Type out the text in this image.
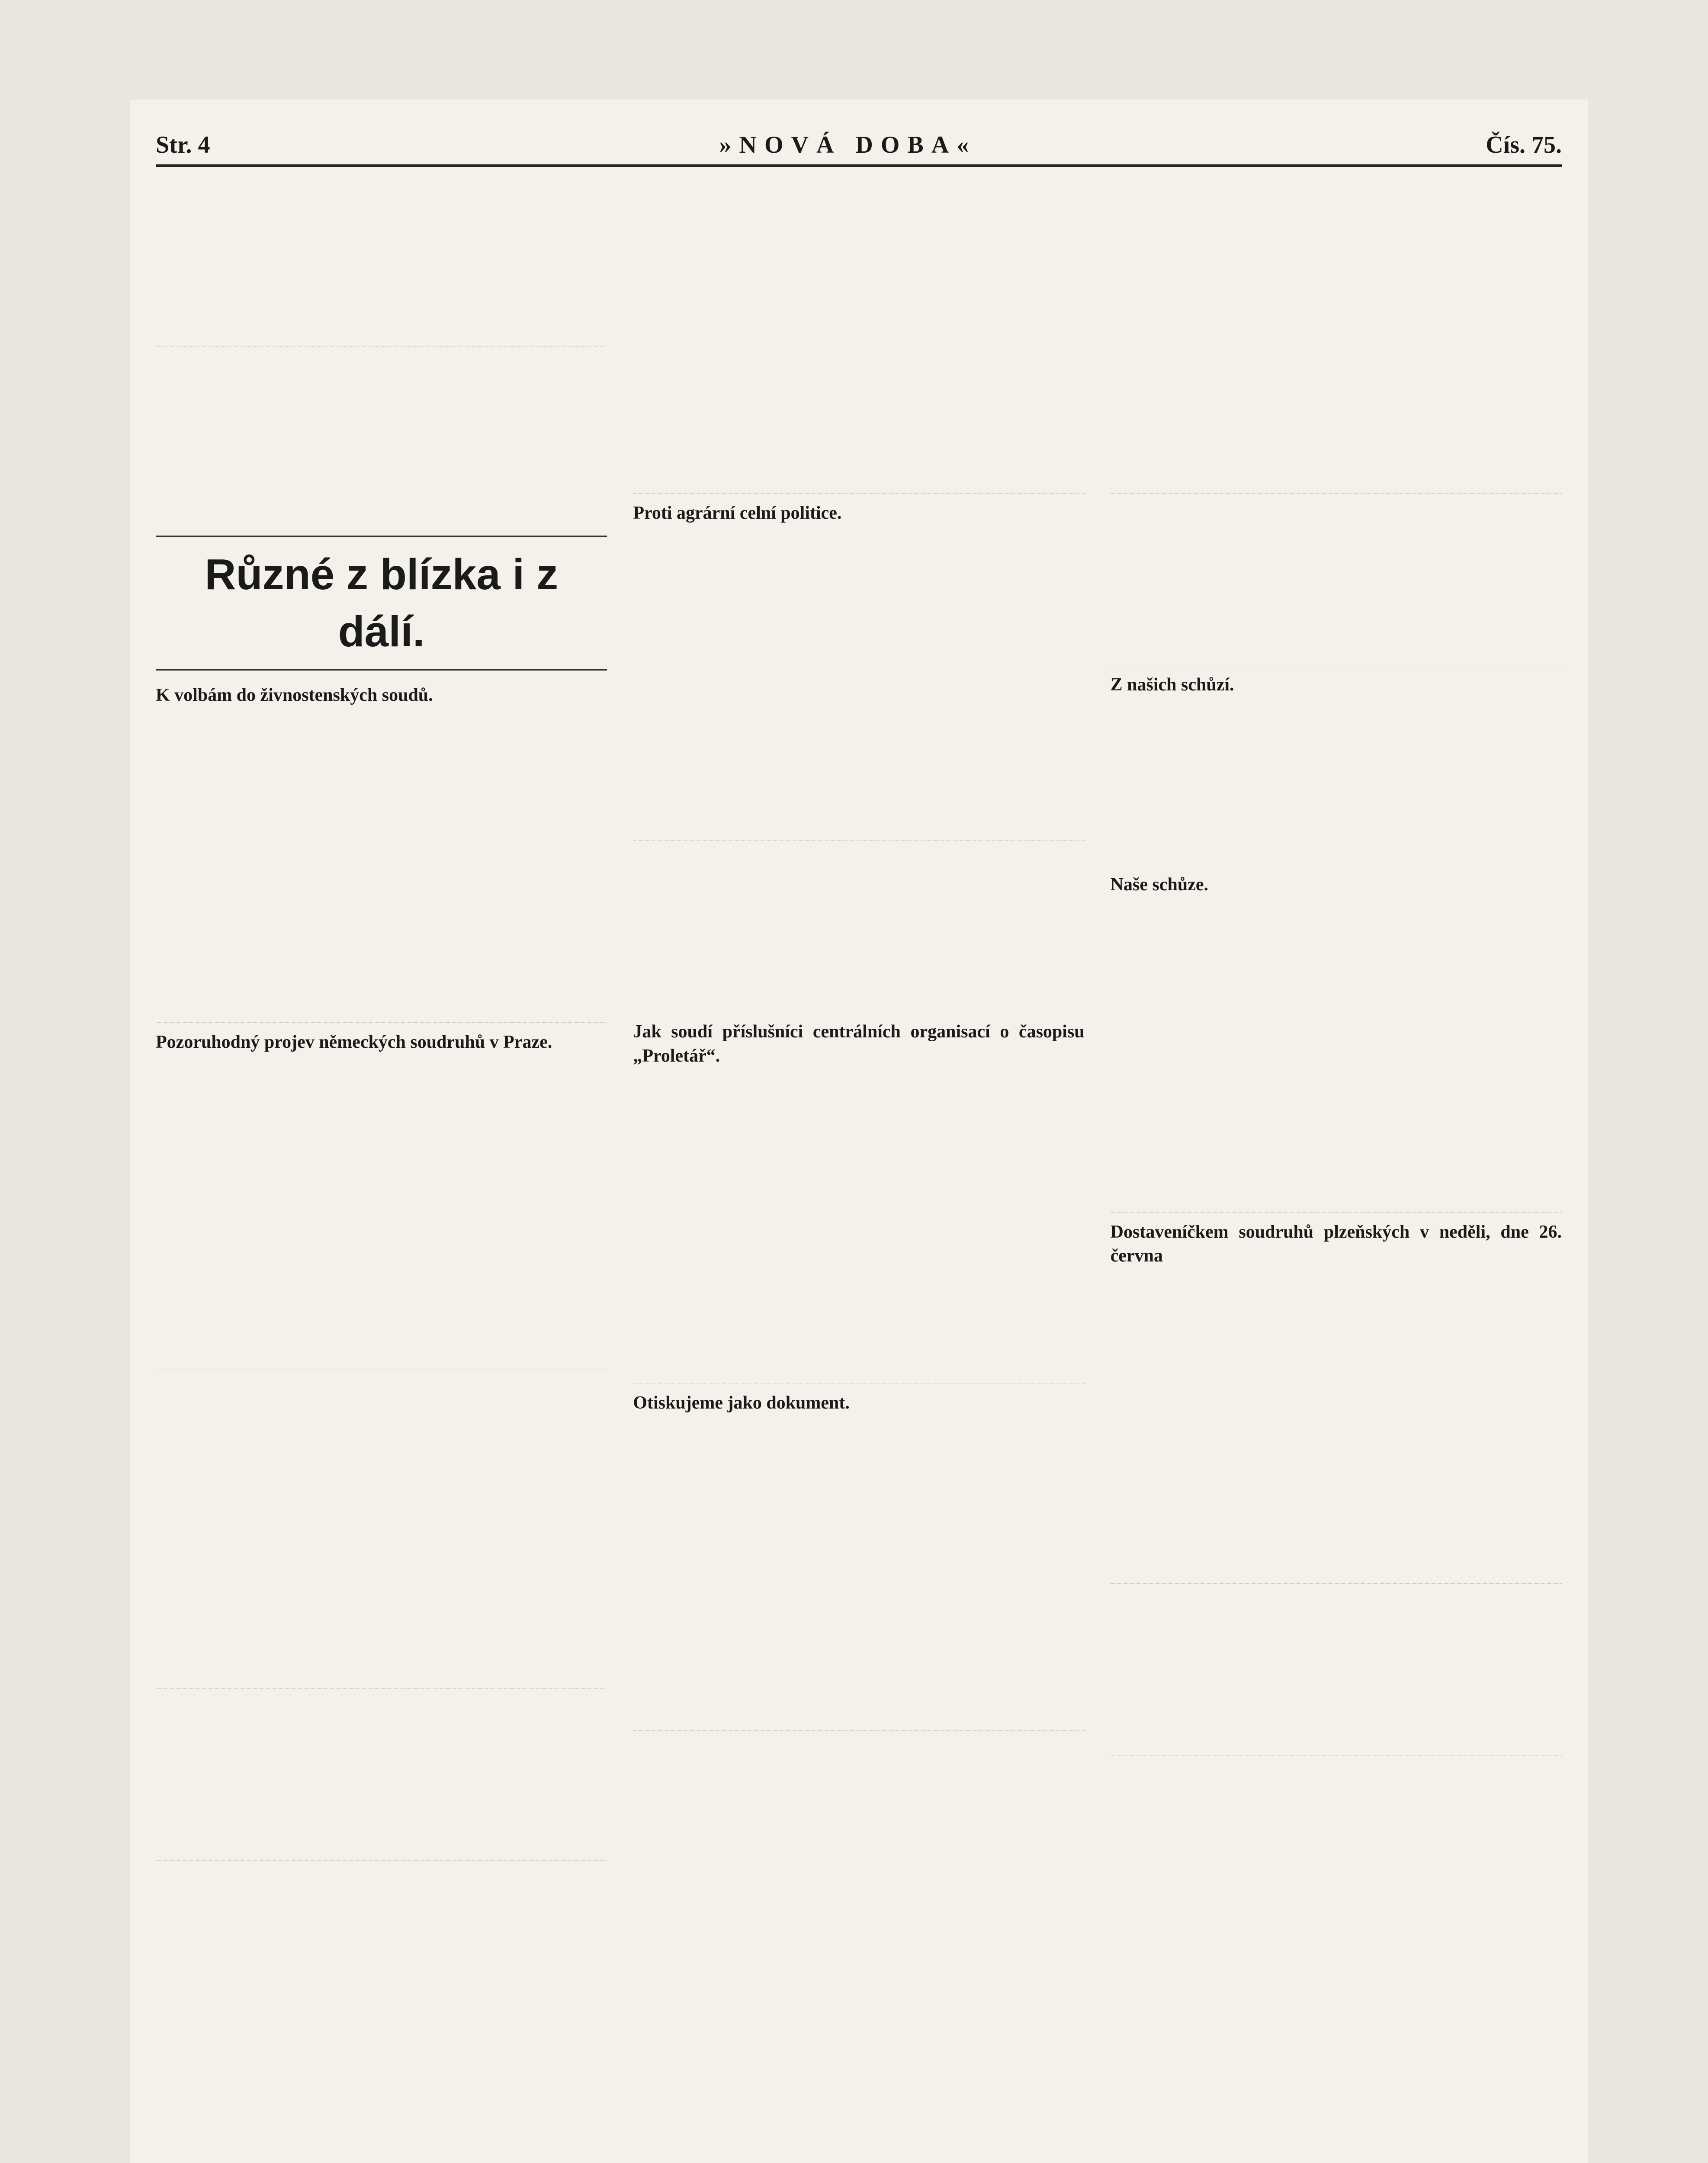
Str. 4	»NOVÁ DOBA«	Čís. 75.

Různé z blízka i z dálí.
K volbám do živnostenských soudů.

Pozoruhodný projev německých soudruhů v Praze.

Proti agrární celní politice.

Jak soudí příslušníci centrálních organisací o časopisu „Proletář“.

Otiskujeme jako dokument.

Z našich schůzí.

Naše schůze.

Dostaveníčkem soudruhů plzeňských v neděli, dne 26. června
